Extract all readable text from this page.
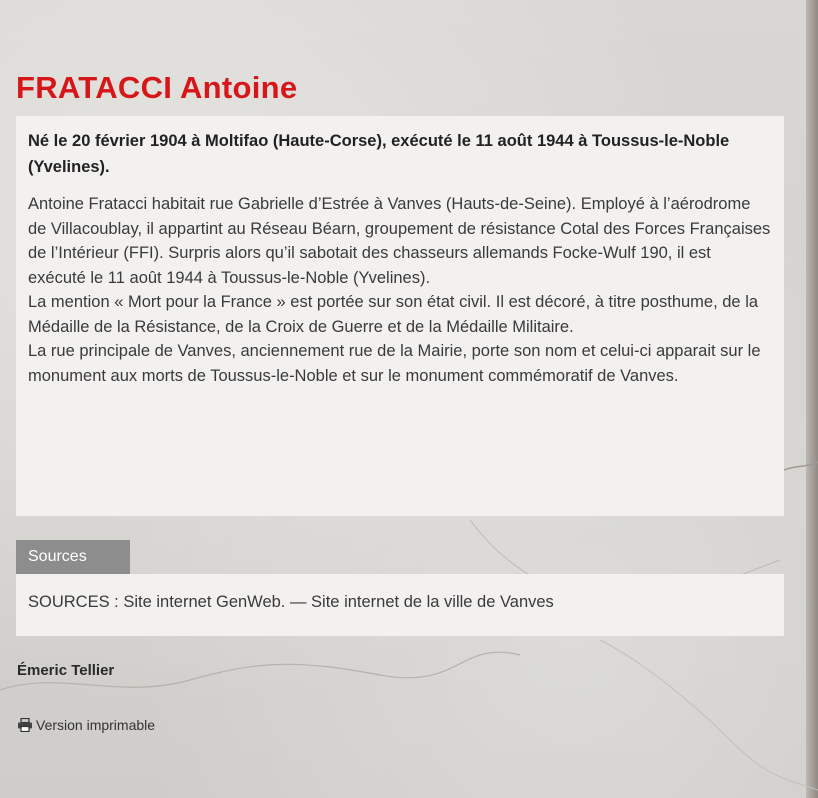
FRATACCI Antoine

Né le 20 février 1904 à Moltifao (Haute-Corse), exécuté le 11 août 1944 à Toussus-le-Noble (Yvelines).

Antoine Fratacci habitait rue Gabrielle d’Estrée à Vanves (Hauts-de-Seine). Employé à l’aérodrome de Villacoublay, il appartint au Réseau Béarn, groupement de résistance Cotal des Forces Françaises de l’Intérieur (FFI). Surpris alors qu’il sabotait des chasseurs allemands Focke-Wulf 190, il est exécuté le 11 août 1944 à Toussus-le-Noble (Yvelines).

La mention « Mort pour la France » est portée sur son état civil. Il est décoré, à titre posthume, de la Médaille de la Résistance, de la Croix de Guerre et de la Médaille Militaire.

La rue principale de Vanves, anciennement rue de la Mairie, porte son nom et celui-ci apparait sur le monument aux morts de Toussus-le-Noble et sur le monument commémoratif de Vanves.

Sources
SOURCES : Site internet GenWeb. — Site internet de la ville de Vanves
Émeric Tellier
Version imprimable
